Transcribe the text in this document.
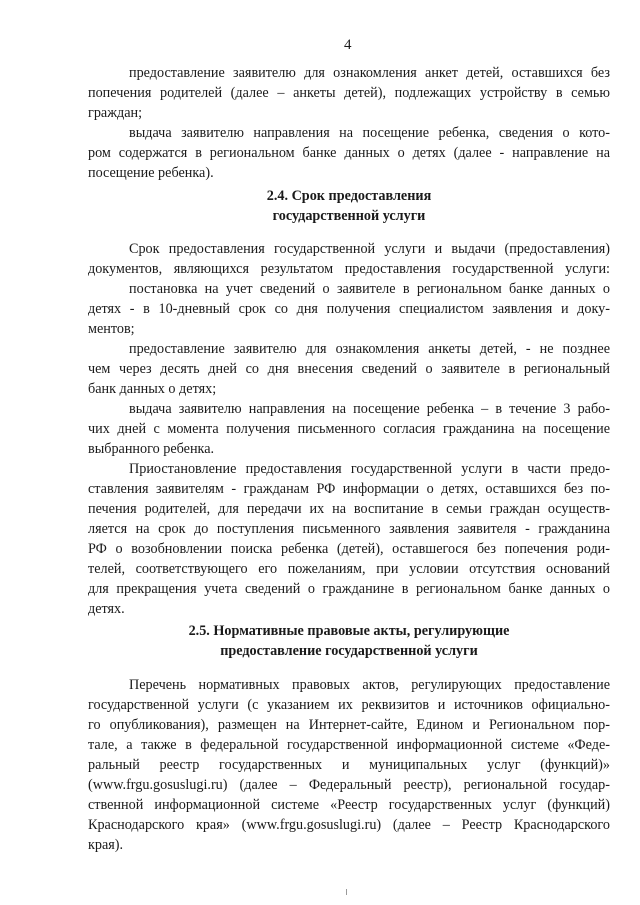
4
предоставление заявителю для ознакомления анкет детей, оставшихся без
попечения родителей (далее – анкеты детей), подлежащих устройству в семью
граждан;
выдача заявителю направления на посещение ребенка, сведения о кото-
ром содержатся в региональном банке данных о детях (далее - направление на
посещение ребенка).
2.4. Срок предоставления
государственной услуги
Срок предоставления государственной услуги и выдачи (предоставления)
документов, являющихся результатом предоставления государственной услуги:
постановка на учет сведений о заявителе в региональном банке данных о
детях - в 10-дневный срок со дня получения специалистом заявления и доку-
ментов;
предоставление заявителю для ознакомления анкеты детей, - не позднее
чем через десять дней со дня внесения сведений о заявителе в региональный
банк данных о детях;
выдача заявителю направления на посещение ребенка – в течение 3 рабо-
чих дней с момента получения письменного согласия гражданина на посещение
выбранного ребенка.
Приостановление предоставления государственной услуги в части предо-
ставления заявителям - гражданам РФ информации о детях, оставшихся без по-
печения родителей, для передачи их на воспитание в семьи граждан осуществ-
ляется на срок до поступления письменного заявления заявителя - гражданина
РФ о возобновлении поиска ребенка (детей), оставшегося без попечения роди-
телей, соответствующего его пожеланиям, при условии отсутствия оснований
для прекращения учета сведений о гражданине в региональном банке данных о
детях.
2.5. Нормативные правовые акты, регулирующие
предоставление государственной услуги
Перечень нормативных правовых актов, регулирующих предоставление
государственной услуги (с указанием их реквизитов и источников официально-
го опубликования), размещен на Интернет-сайте, Едином и Региональном пор-
тале, а также в федеральной государственной информационной системе «Феде-
ральный реестр государственных и муниципальных услуг (функций)»
(www.frgu.gosuslugi.ru) (далее – Федеральный реестр), региональной государ-
ственной информационной системе «Реестр государственных услуг (функций)
Краснодарского края» (www.frgu.gosuslugi.ru) (далее – Реестр Краснодарского
края).
